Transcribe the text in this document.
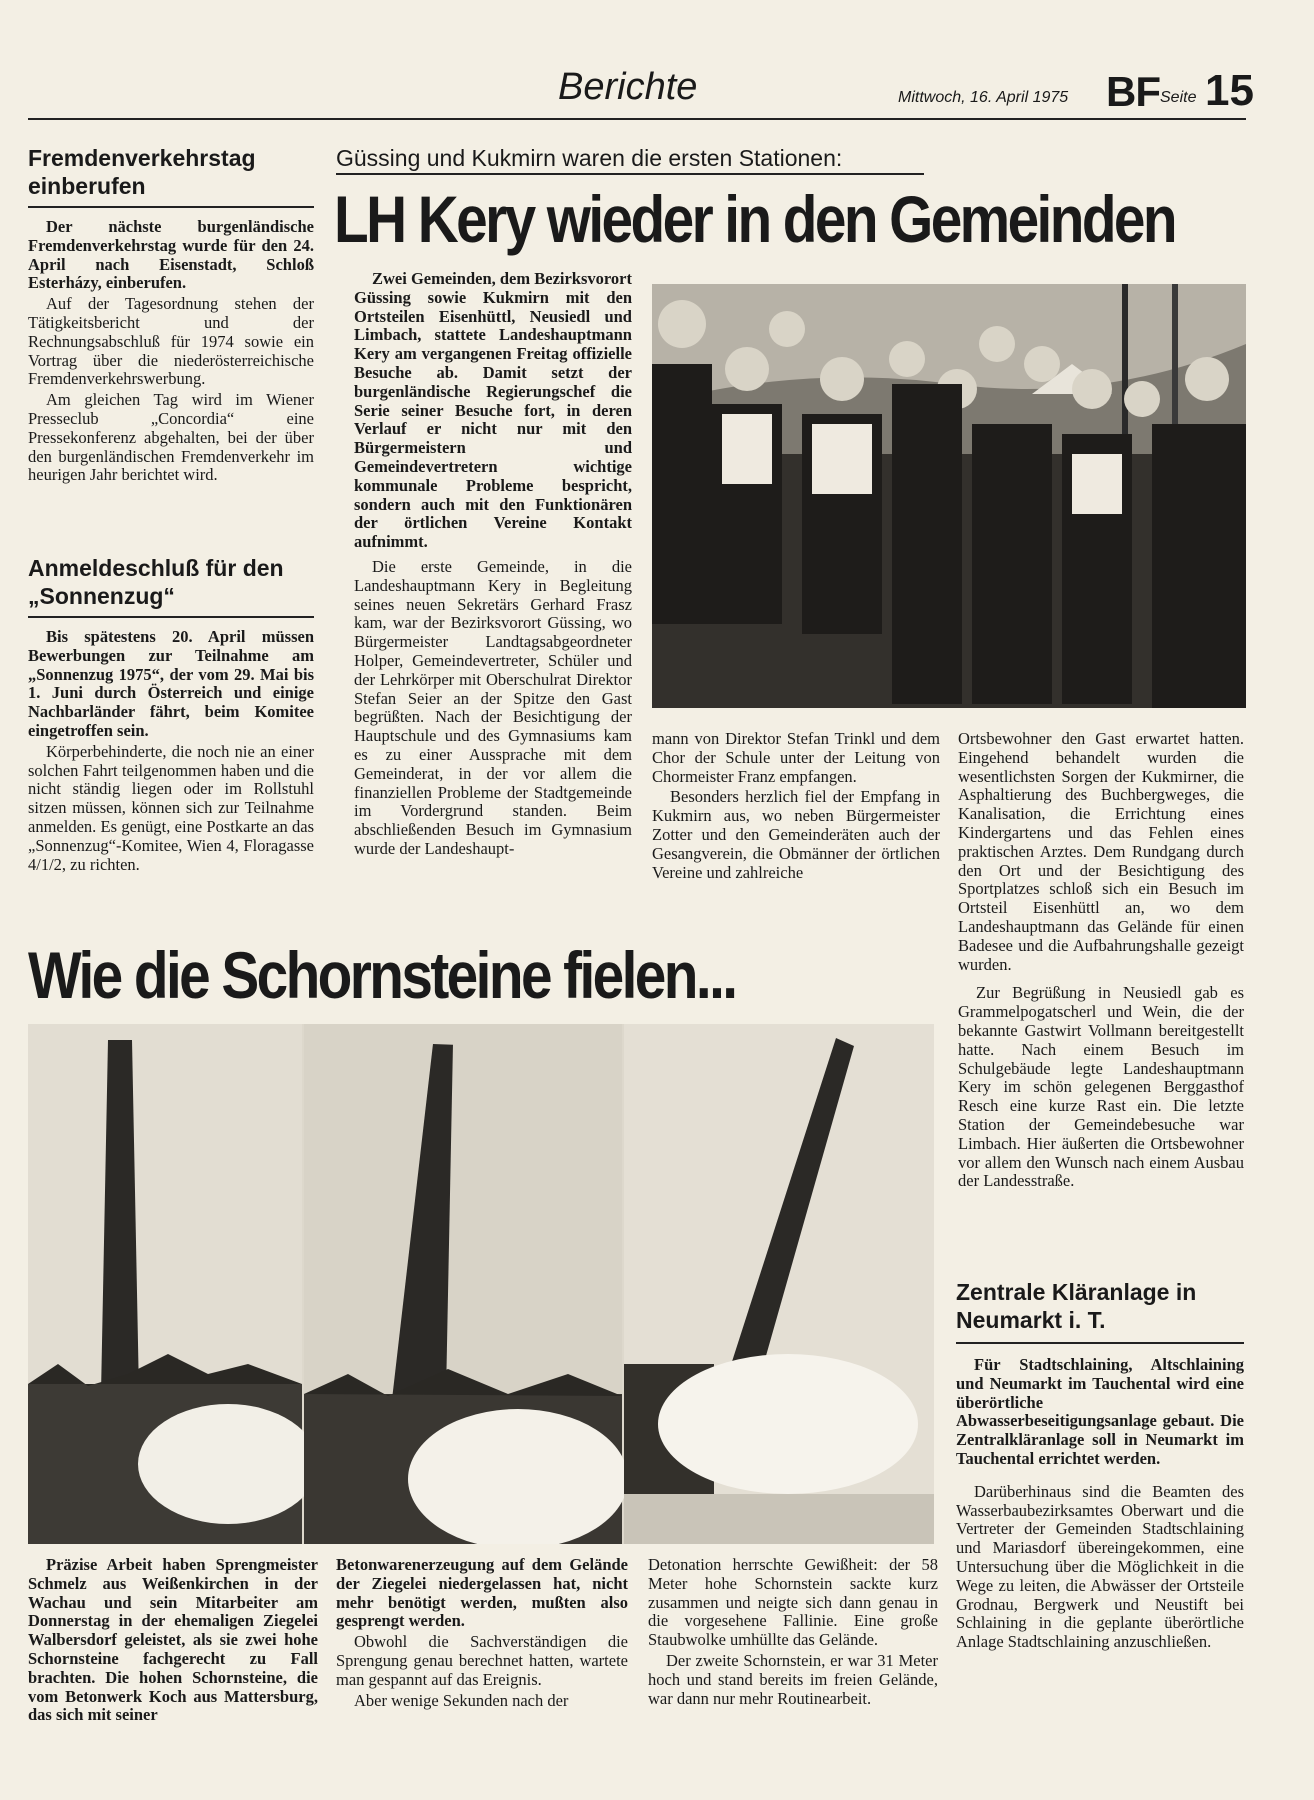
Berichte	Mittwoch, 16. April 1975 BF Seite 15
Fremdenverkehrstag einberufen

Der nächste burgenländische Fremdenverkehrstag wurde für den 24. April nach Eisenstadt, Schloß Esterházy, einberufen.

Auf der Tagesordnung stehen der Tätigkeitsbericht und der Rechnungsabschluß für 1974 sowie ein Vortrag über die niederösterreichische Fremdenverkehrswerbung.

Am gleichen Tag wird im Wiener Presseclub „Concordia“ eine Pressekonferenz abgehalten, bei der über den burgenländischen Fremdenverkehr im heurigen Jahr berichtet wird.

Anmeldeschluß für den „Sonnenzug“

Bis spätestens 20. April müssen Bewerbungen zur Teilnahme am „Sonnenzug 1975“, der vom 29. Mai bis 1. Juni durch Österreich und einige Nachbarländer fährt, beim Komitee eingetroffen sein.

Körperbehinderte, die noch nie an einer solchen Fahrt teilgenommen haben und die nicht ständig liegen oder im Rollstuhl sitzen müssen, können sich zur Teilnahme anmelden. Es genügt, eine Postkarte an das „Sonnenzug“-Komitee, Wien 4, Floragasse 4/1/2, zu richten.

Güssing und Kukmirn waren die ersten Stationen:
LH Kery wieder in den Gemeinden

Zwei Gemeinden, dem Bezirksvorort Güssing sowie Kukmirn mit den Ortsteilen Eisenhüttl, Neusiedl und Limbach, stattete Landeshauptmann Kery am vergangenen Freitag offizielle Besuche ab. Damit setzt der burgenländische Regierungschef die Serie seiner Besuche fort, in deren Verlauf er nicht nur mit den Bürgermeistern und Gemeindevertretern wichtige kommunale Probleme bespricht, sondern auch mit den Funktionären der örtlichen Vereine Kontakt aufnimmt.

Die erste Gemeinde, in die Landeshauptmann Kery in Begleitung seines neuen Sekretärs Gerhard Frasz kam, war der Bezirksvorort Güssing, wo Bürgermeister Landtagsabgeordneter Holper, Gemeindevertreter, Schüler und der Lehrkörper mit Oberschulrat Direktor Stefan Seier an der Spitze den Gast begrüßten. Nach der Besichtigung der Hauptschule und des Gymnasiums kam es zu einer Aussprache mit dem Gemeinderat, in der vor allem die finanziellen Probleme der Stadtgemeinde im Vordergrund standen. Beim abschließenden Besuch im Gymnasium wurde der Landeshaupt-

mann von Direktor Stefan Trinkl und dem Chor der Schule unter der Leitung von Chormeister Franz empfangen.

Besonders herzlich fiel der Empfang in Kukmirn aus, wo neben Bürgermeister Zotter und den Gemeinderäten auch der Gesangverein, die Obmänner der örtlichen Vereine und zahlreiche

Ortsbewohner den Gast erwartet hatten. Eingehend behandelt wurden die wesentlichsten Sorgen der Kukmirner, die Asphaltierung des Buchbergweges, die Kanalisation, die Errichtung eines Kindergartens und das Fehlen eines praktischen Arztes. Dem Rundgang durch den Ort und der Besichtigung des Sportplatzes schloß sich ein Besuch im Ortsteil Eisenhüttl an, wo dem Landeshauptmann das Gelände für einen Badesee und die Aufbahrungshalle gezeigt wurden.

Zur Begrüßung in Neusiedl gab es Grammelpogatscherl und Wein, die der bekannte Gastwirt Vollmann bereitgestellt hatte. Nach einem Besuch im Schulgebäude legte Landeshauptmann Kery im schön gelegenen Berggasthof Resch eine kurze Rast ein. Die letzte Station der Gemeindebesuche war Limbach. Hier äußerten die Ortsbewohner vor allem den Wunsch nach einem Ausbau der Landesstraße.

Wie die Schornsteine fielen...

Präzise Arbeit haben Sprengmeister Schmelz aus Weißenkirchen in der Wachau und sein Mitarbeiter am Donnerstag in der ehemaligen Ziegelei Walbersdorf geleistet, als sie zwei hohe Schornsteine fachgerecht zu Fall brachten. Die hohen Schornsteine, die vom Betonwerk Koch aus Mattersburg, das sich mit seiner

Betonwarenerzeugung auf dem Gelände der Ziegelei niedergelassen hat, nicht mehr benötigt werden, mußten also gesprengt werden.

Obwohl die Sachverständigen die Sprengung genau berechnet hatten, wartete man gespannt auf das Ereignis.

Aber wenige Sekunden nach der

Detonation herrschte Gewißheit: der 58 Meter hohe Schornstein sackte kurz zusammen und neigte sich dann genau in die vorgesehene Fallinie. Eine große Staubwolke umhüllte das Gelände.

Der zweite Schornstein, er war 31 Meter hoch und stand bereits im freien Gelände, war dann nur mehr Routinearbeit.

Zentrale Kläranlage in Neumarkt i. T.

Für Stadtschlaining, Altschlaining und Neumarkt im Tauchental wird eine überörtliche Abwasserbeseitigungsanlage gebaut. Die Zentralkläranlage soll in Neumarkt im Tauchental errichtet werden.

Darüberhinaus sind die Beamten des Wasserbaubezirksamtes Oberwart und die Vertreter der Gemeinden Stadtschlaining und Mariasdorf übereingekommen, eine Untersuchung über die Möglichkeit in die Wege zu leiten, die Abwässer der Ortsteile Grodnau, Bergwerk und Neustift bei Schlaining in die geplante überörtliche Anlage Stadtschlaining anzuschließen.
